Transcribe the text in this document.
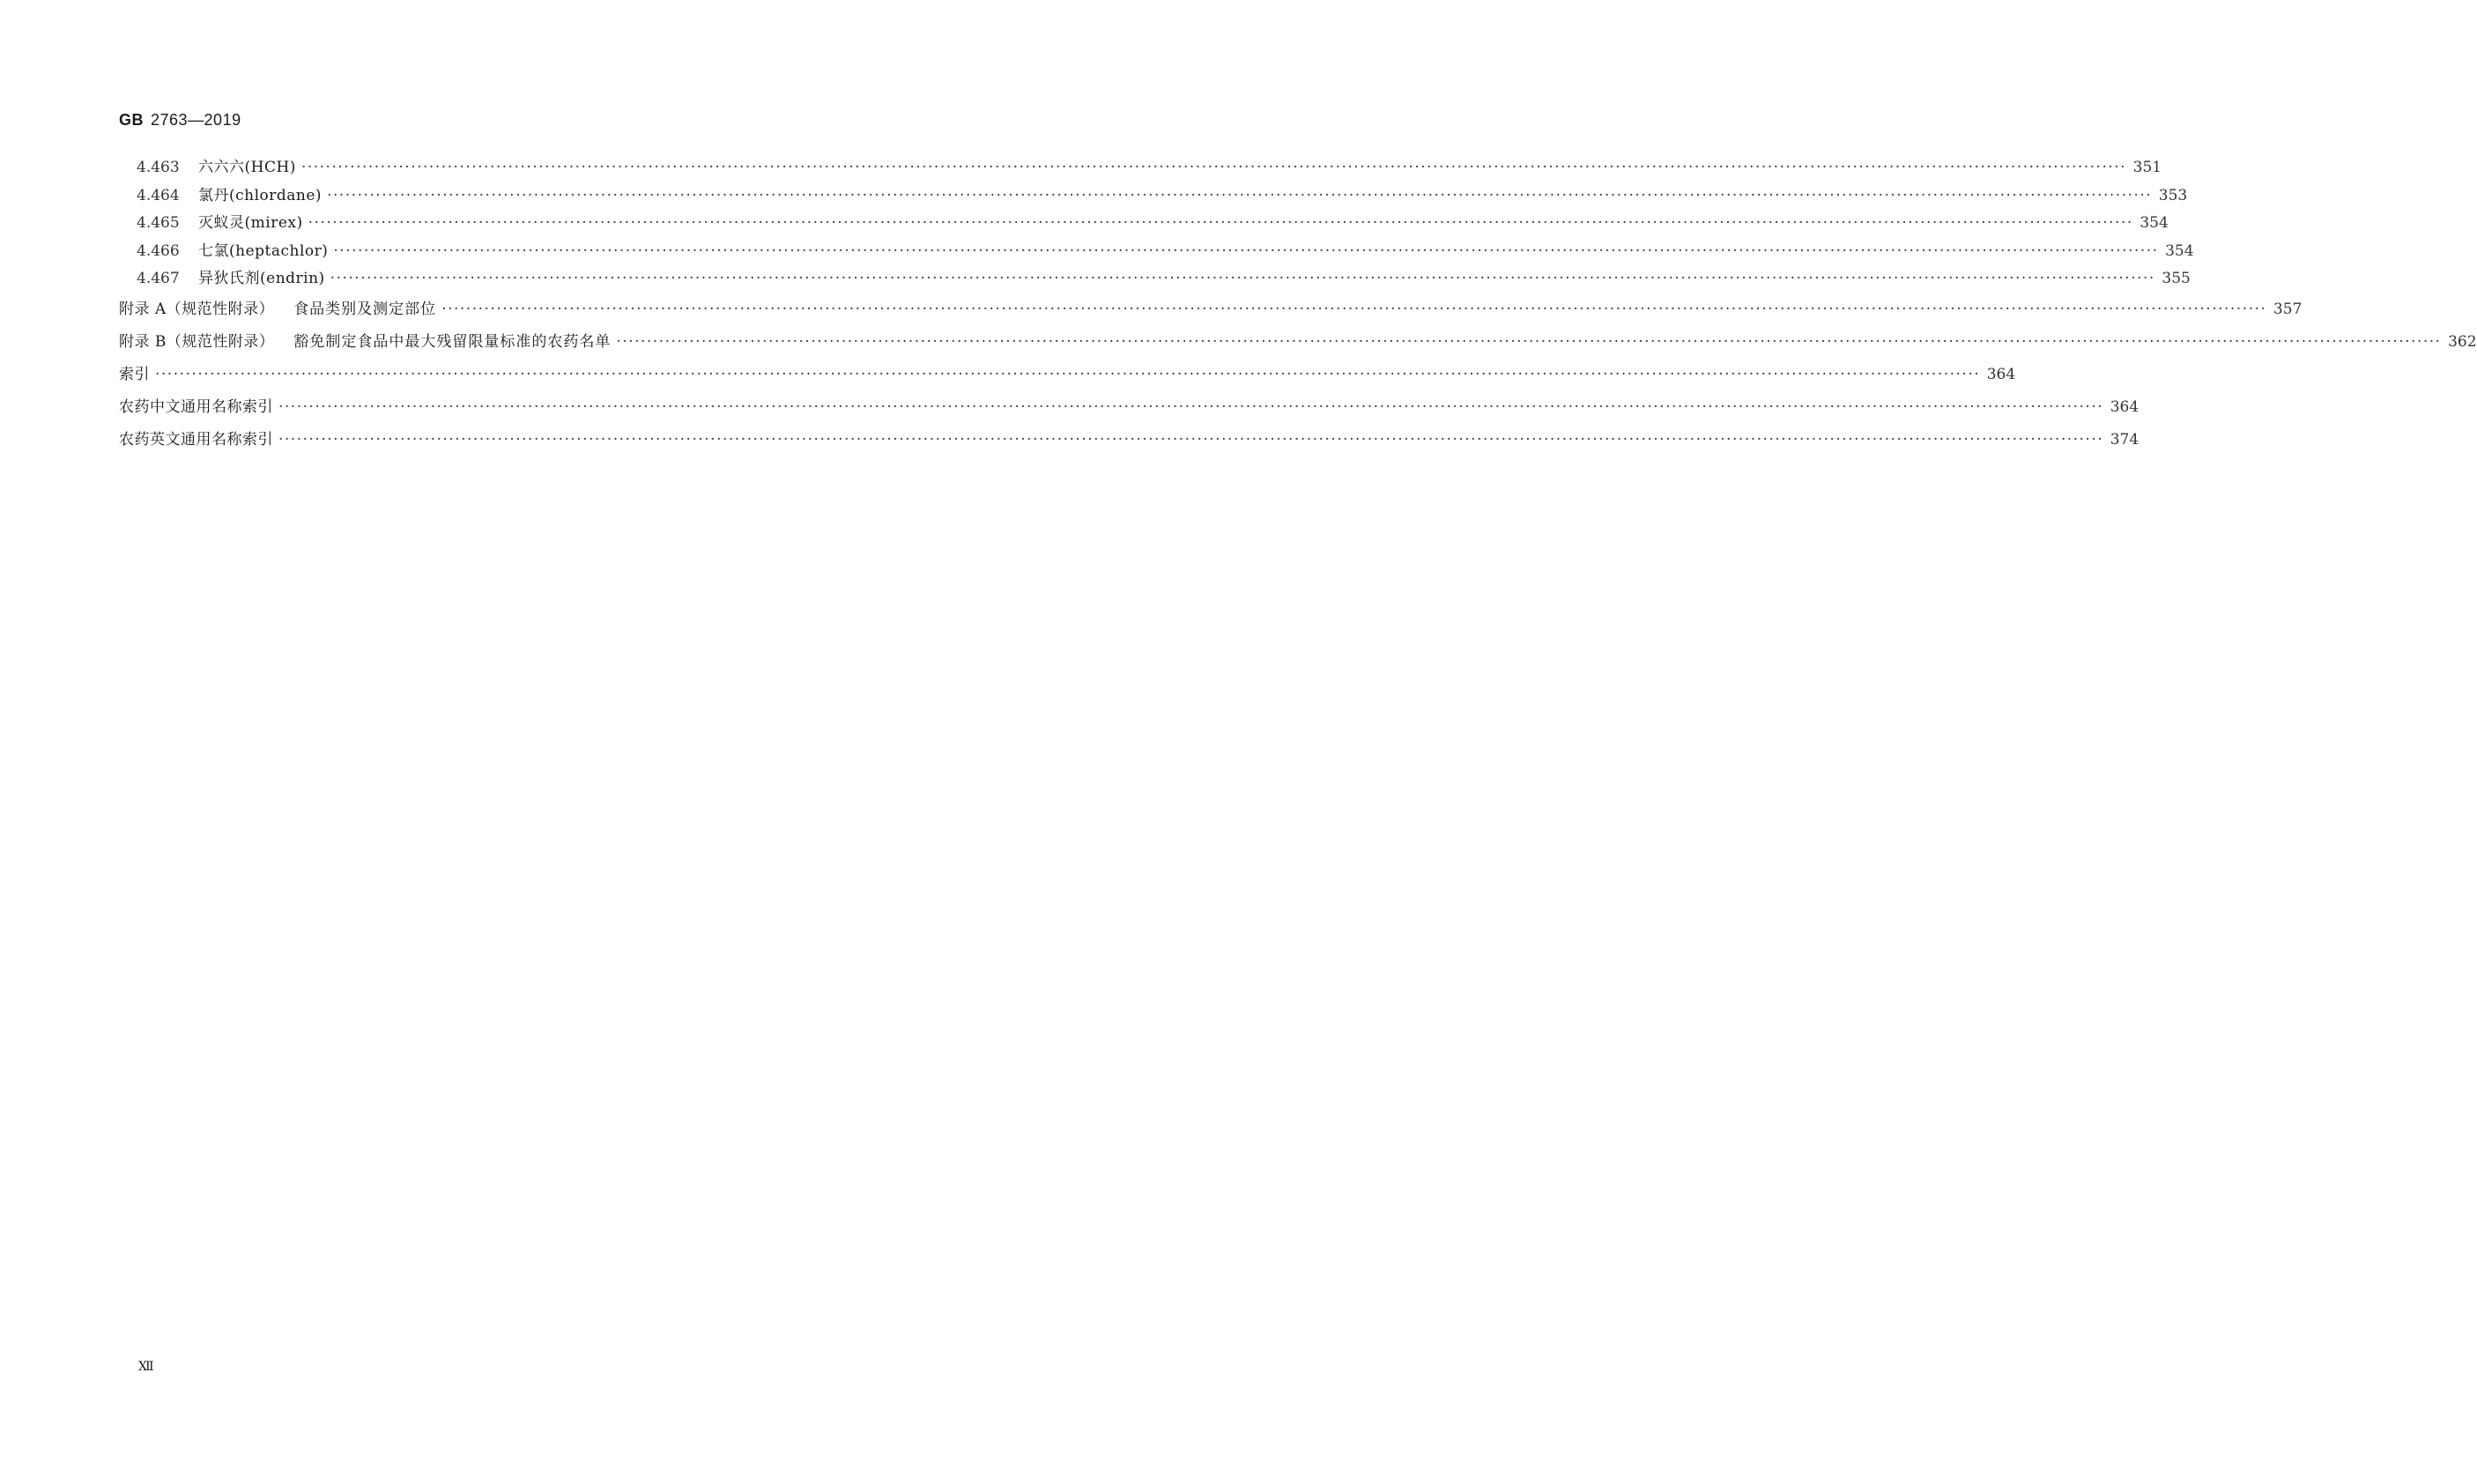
GB 2763—2019
4.463	六六六(HCH) ············································································································································································································································································································ 351
4.464	氯丹(chlordane) ············································································································································································································································································································ 353
4.465	灭蚁灵(mirex) ············································································································································································································································································································ 354
4.466	七氯(heptachlor) ············································································································································································································································································································ 354
4.467	异狄氏剂(endrin) ············································································································································································································································································································ 355
附录 A（规范性附录） 食品类别及测定部位 ············································································································································································································································································································ 357
附录 B（规范性附录） 豁免制定食品中最大残留限量标准的农药名单 ············································································································································································································································································································ 362
索引 ············································································································································································································································································································ 364
农药中文通用名称索引 ············································································································································································································································································································ 364
农药英文通用名称索引 ············································································································································································································································································································ 374
Ⅻ
